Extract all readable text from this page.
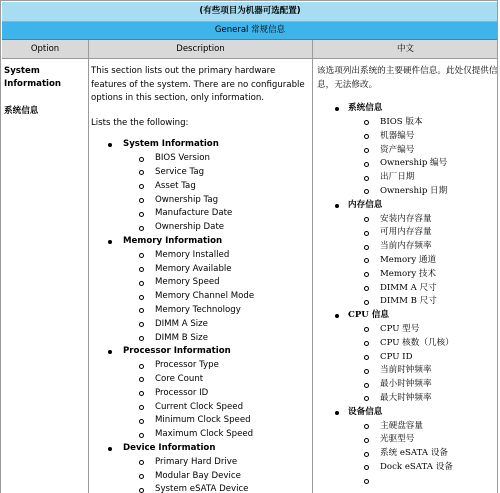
(有些项目为机器可选配置)
General 常规信息
Option	Description	中文
System
Information
系统信息

This section lists out the primary hardware features of the system. There are no configurable options in this section, only information.

Lists the the following:

System Information
BIOS Version
Service Tag
Asset Tag
Ownership Tag
Manufacture Date
Ownership Date
Memory Information
Memory Installed
Memory Available
Memory Speed
Memory Channel Mode
Memory Technology
DIMM A Size
DIMM B Size
Processor Information
Processor Type
Core Count
Processor ID
Current Clock Speed
Minimum Clock Speed
Maximum Clock Speed
Device Information
Primary Hard Drive
Modular Bay Device
System eSATA Device

该选项列出系统的主要硬件信息。此处仅提供信息，无法修改。

系统信息
BIOS 版本
机器编号
资产编号
Ownership 编号
出厂日期
Ownership 日期
内存信息
安装内存容量
可用内存容量
当前内存频率
Memory 通道
Memory 技术
DIMM A 尺寸
DIMM B 尺寸
CPU 信息
CPU 型号
CPU 核数（几核）
CPU ID
当前时钟频率
最小时钟频率
最大时钟频率
设备信息
主硬盘容量
光驱型号
系统 eSATA 设备
Dock eSATA 设备
